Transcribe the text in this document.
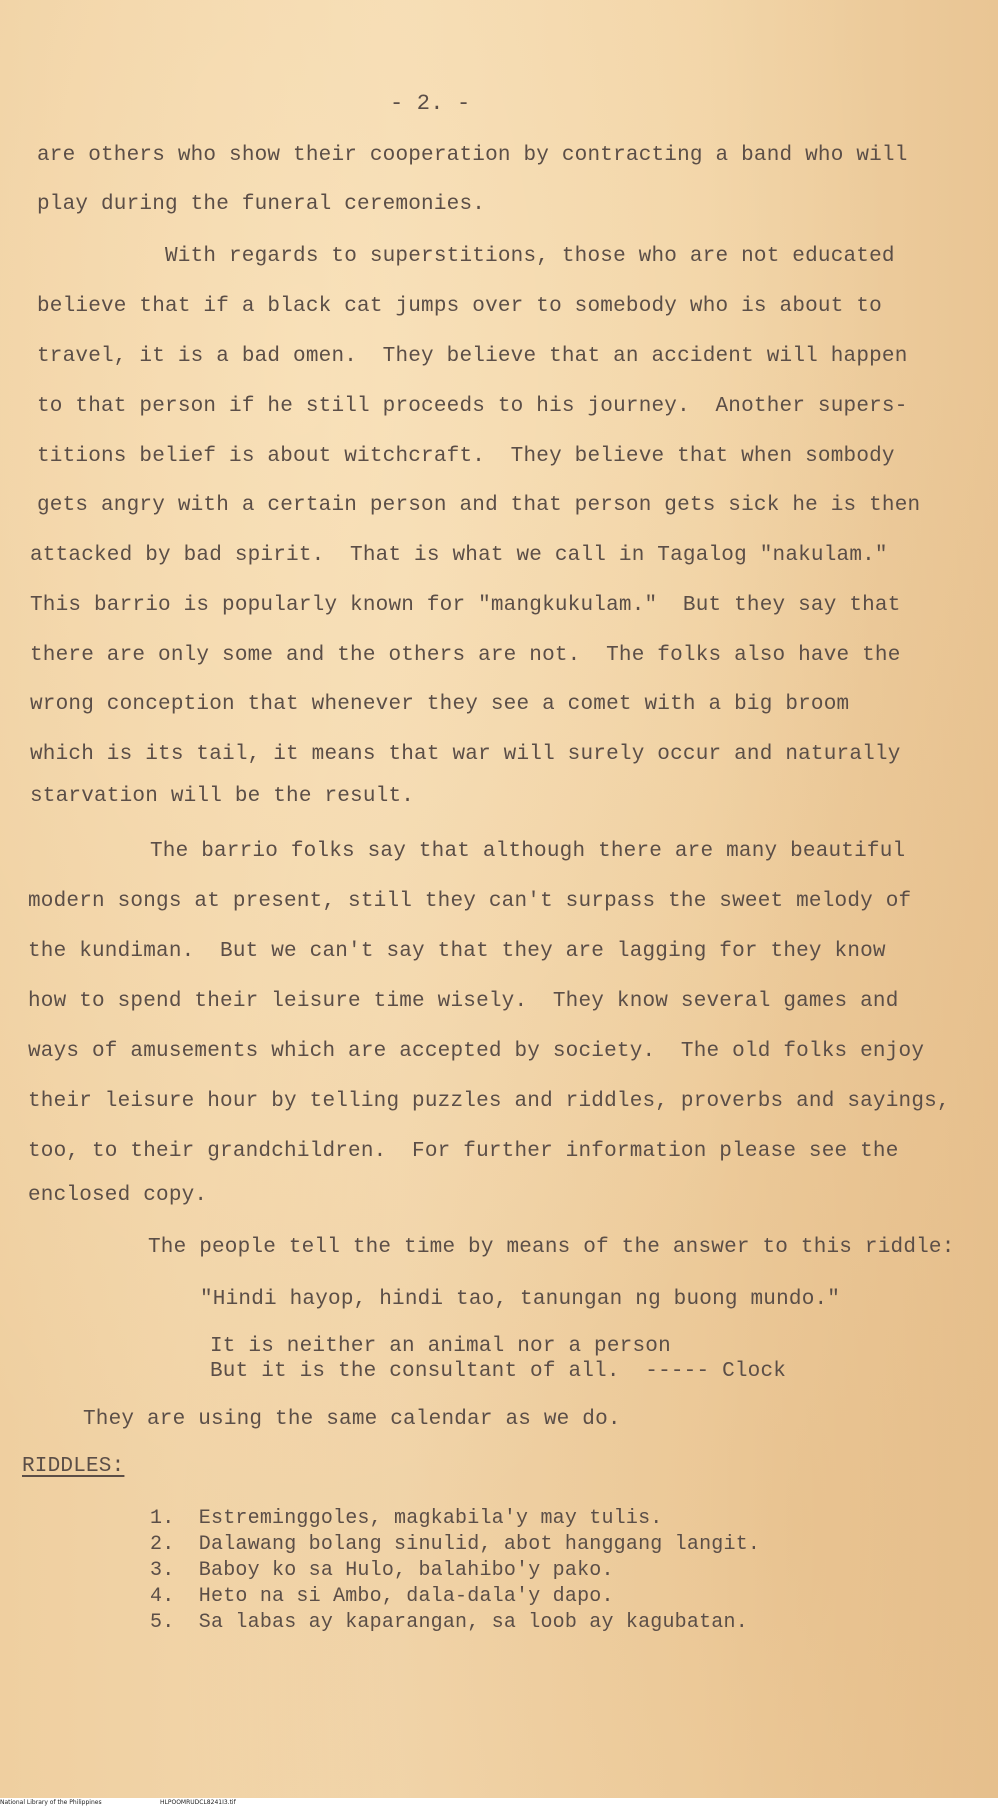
- 2. -
are others who show their cooperation by contracting a band who will
play during the funeral ceremonies.
With regards to superstitions, those who are not educated
believe that if a black cat jumps over to somebody who is about to
travel, it is a bad omen.  They believe that an accident will happen
to that person if he still proceeds to his journey.  Another supers-
titions belief is about witchcraft.  They believe that when sombody
gets angry with a certain person and that person gets sick he is then
attacked by bad spirit.  That is what we call in Tagalog "nakulam."
This barrio is popularly known for "mangkukulam."  But they say that
there are only some and the others are not.  The folks also have the
wrong conception that whenever they see a comet with a big broom
which is its tail, it means that war will surely occur and naturally
starvation will be the result.
The barrio folks say that although there are many beautiful
modern songs at present, still they can't surpass the sweet melody of
the kundiman.  But we can't say that they are lagging for they know
how to spend their leisure time wisely.  They know several games and
ways of amusements which are accepted by society.  The old folks enjoy
their leisure hour by telling puzzles and riddles, proverbs and sayings,
too, to their grandchildren.  For further information please see the
enclosed copy.
The people tell the time by means of the answer to this riddle:
"Hindi hayop, hindi tao, tanungan ng buong mundo."
It is neither an animal nor a person
But it is the consultant of all.  ----- Clock
They are using the same calendar as we do.
RIDDLES:
1.  Estreminggoles, magkabila'y may tulis.
2.  Dalawang bolang sinulid, abot hanggang langit.
3.  Baboy ko sa Hulo, balahibo'y pako.
4.  Heto na si Ambo, dala-dala'y dapo.
5.  Sa labas ay kaparangan, sa loob ay kagubatan.
National Library of the Philippines	HLPOOMRUDCL8241I3.tif
